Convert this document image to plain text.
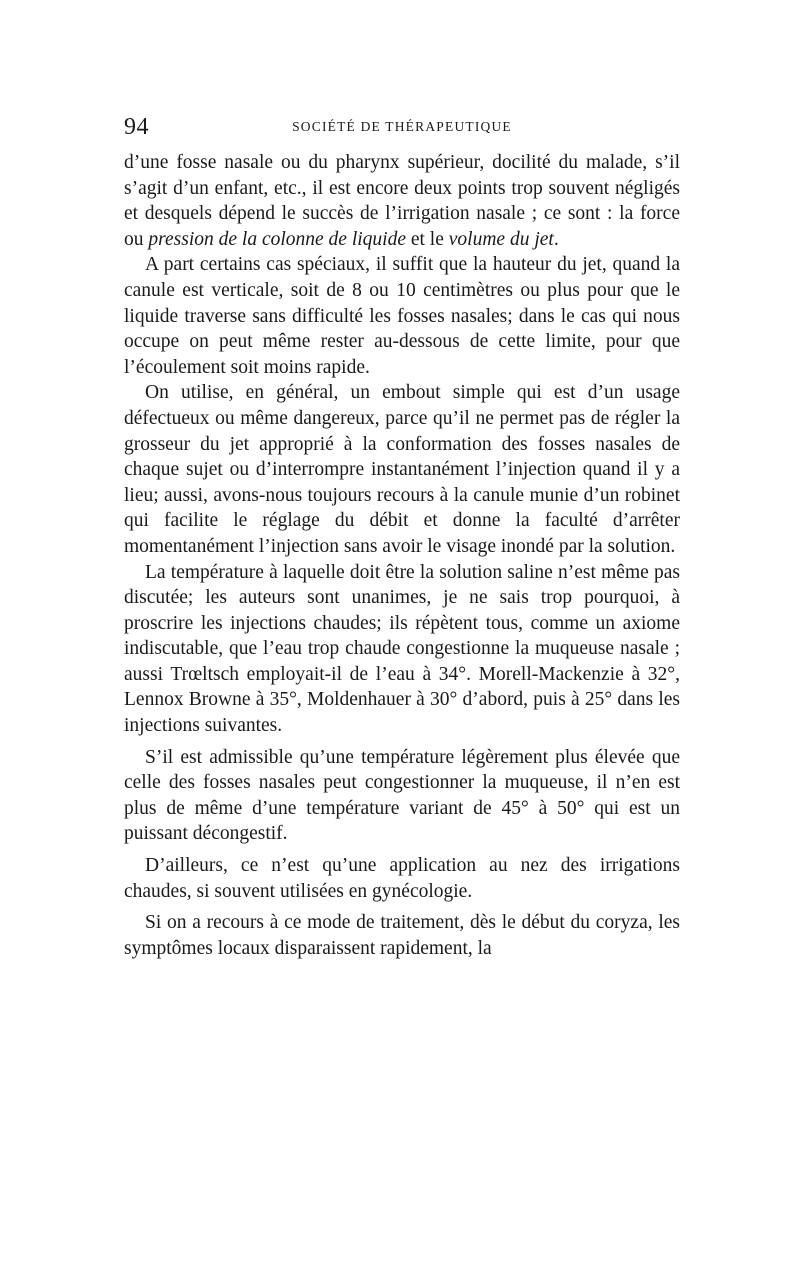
94	SOCIÉTÉ DE THÉRAPEUTIQUE

d’une fosse nasale ou du pharynx supérieur, docilité du malade, s’il s’agit d’un enfant, etc., il est encore deux points trop souvent négligés et desquels dépend le succès de l’irrigation nasale ; ce sont : la force ou pression de la colonne de liquide et le volume du jet.

A part certains cas spéciaux, il suffit que la hauteur du jet, quand la canule est verticale, soit de 8 ou 10 centimètres ou plus pour que le liquide traverse sans difficulté les fosses nasales; dans le cas qui nous occupe on peut même rester au-dessous de cette limite, pour que l’écoulement soit moins rapide.

On utilise, en général, un embout simple qui est d’un usage défectueux ou même dangereux, parce qu’il ne permet pas de régler la grosseur du jet approprié à la conformation des fosses nasales de chaque sujet ou d’interrompre instantanément l’injection quand il y a lieu; aussi, avons-nous toujours recours à la canule munie d’un robinet qui facilite le réglage du débit et donne la faculté d’arrêter momentanément l’injection sans avoir le visage inondé par la solution.

La température à laquelle doit être la solution saline n’est même pas discutée; les auteurs sont unanimes, je ne sais trop pourquoi, à proscrire les injections chaudes; ils répètent tous, comme un axiome indiscutable, que l’eau trop chaude congestionne la muqueuse nasale ; aussi Trœltsch employait-il de l’eau à 34°. Morell-Mackenzie à 32°, Lennox Browne à 35°, Moldenhauer à 30° d’abord, puis à 25° dans les injections suivantes.

S’il est admissible qu’une température légèrement plus élevée que celle des fosses nasales peut congestionner la muqueuse, il n’en est plus de même d’une température variant de 45° à 50° qui est un puissant décongestif.

D’ailleurs, ce n’est qu’une application au nez des irrigations chaudes, si souvent utilisées en gynécologie.

Si on a recours à ce mode de traitement, dès le début du coryza, les symptômes locaux disparaissent rapidement, la
